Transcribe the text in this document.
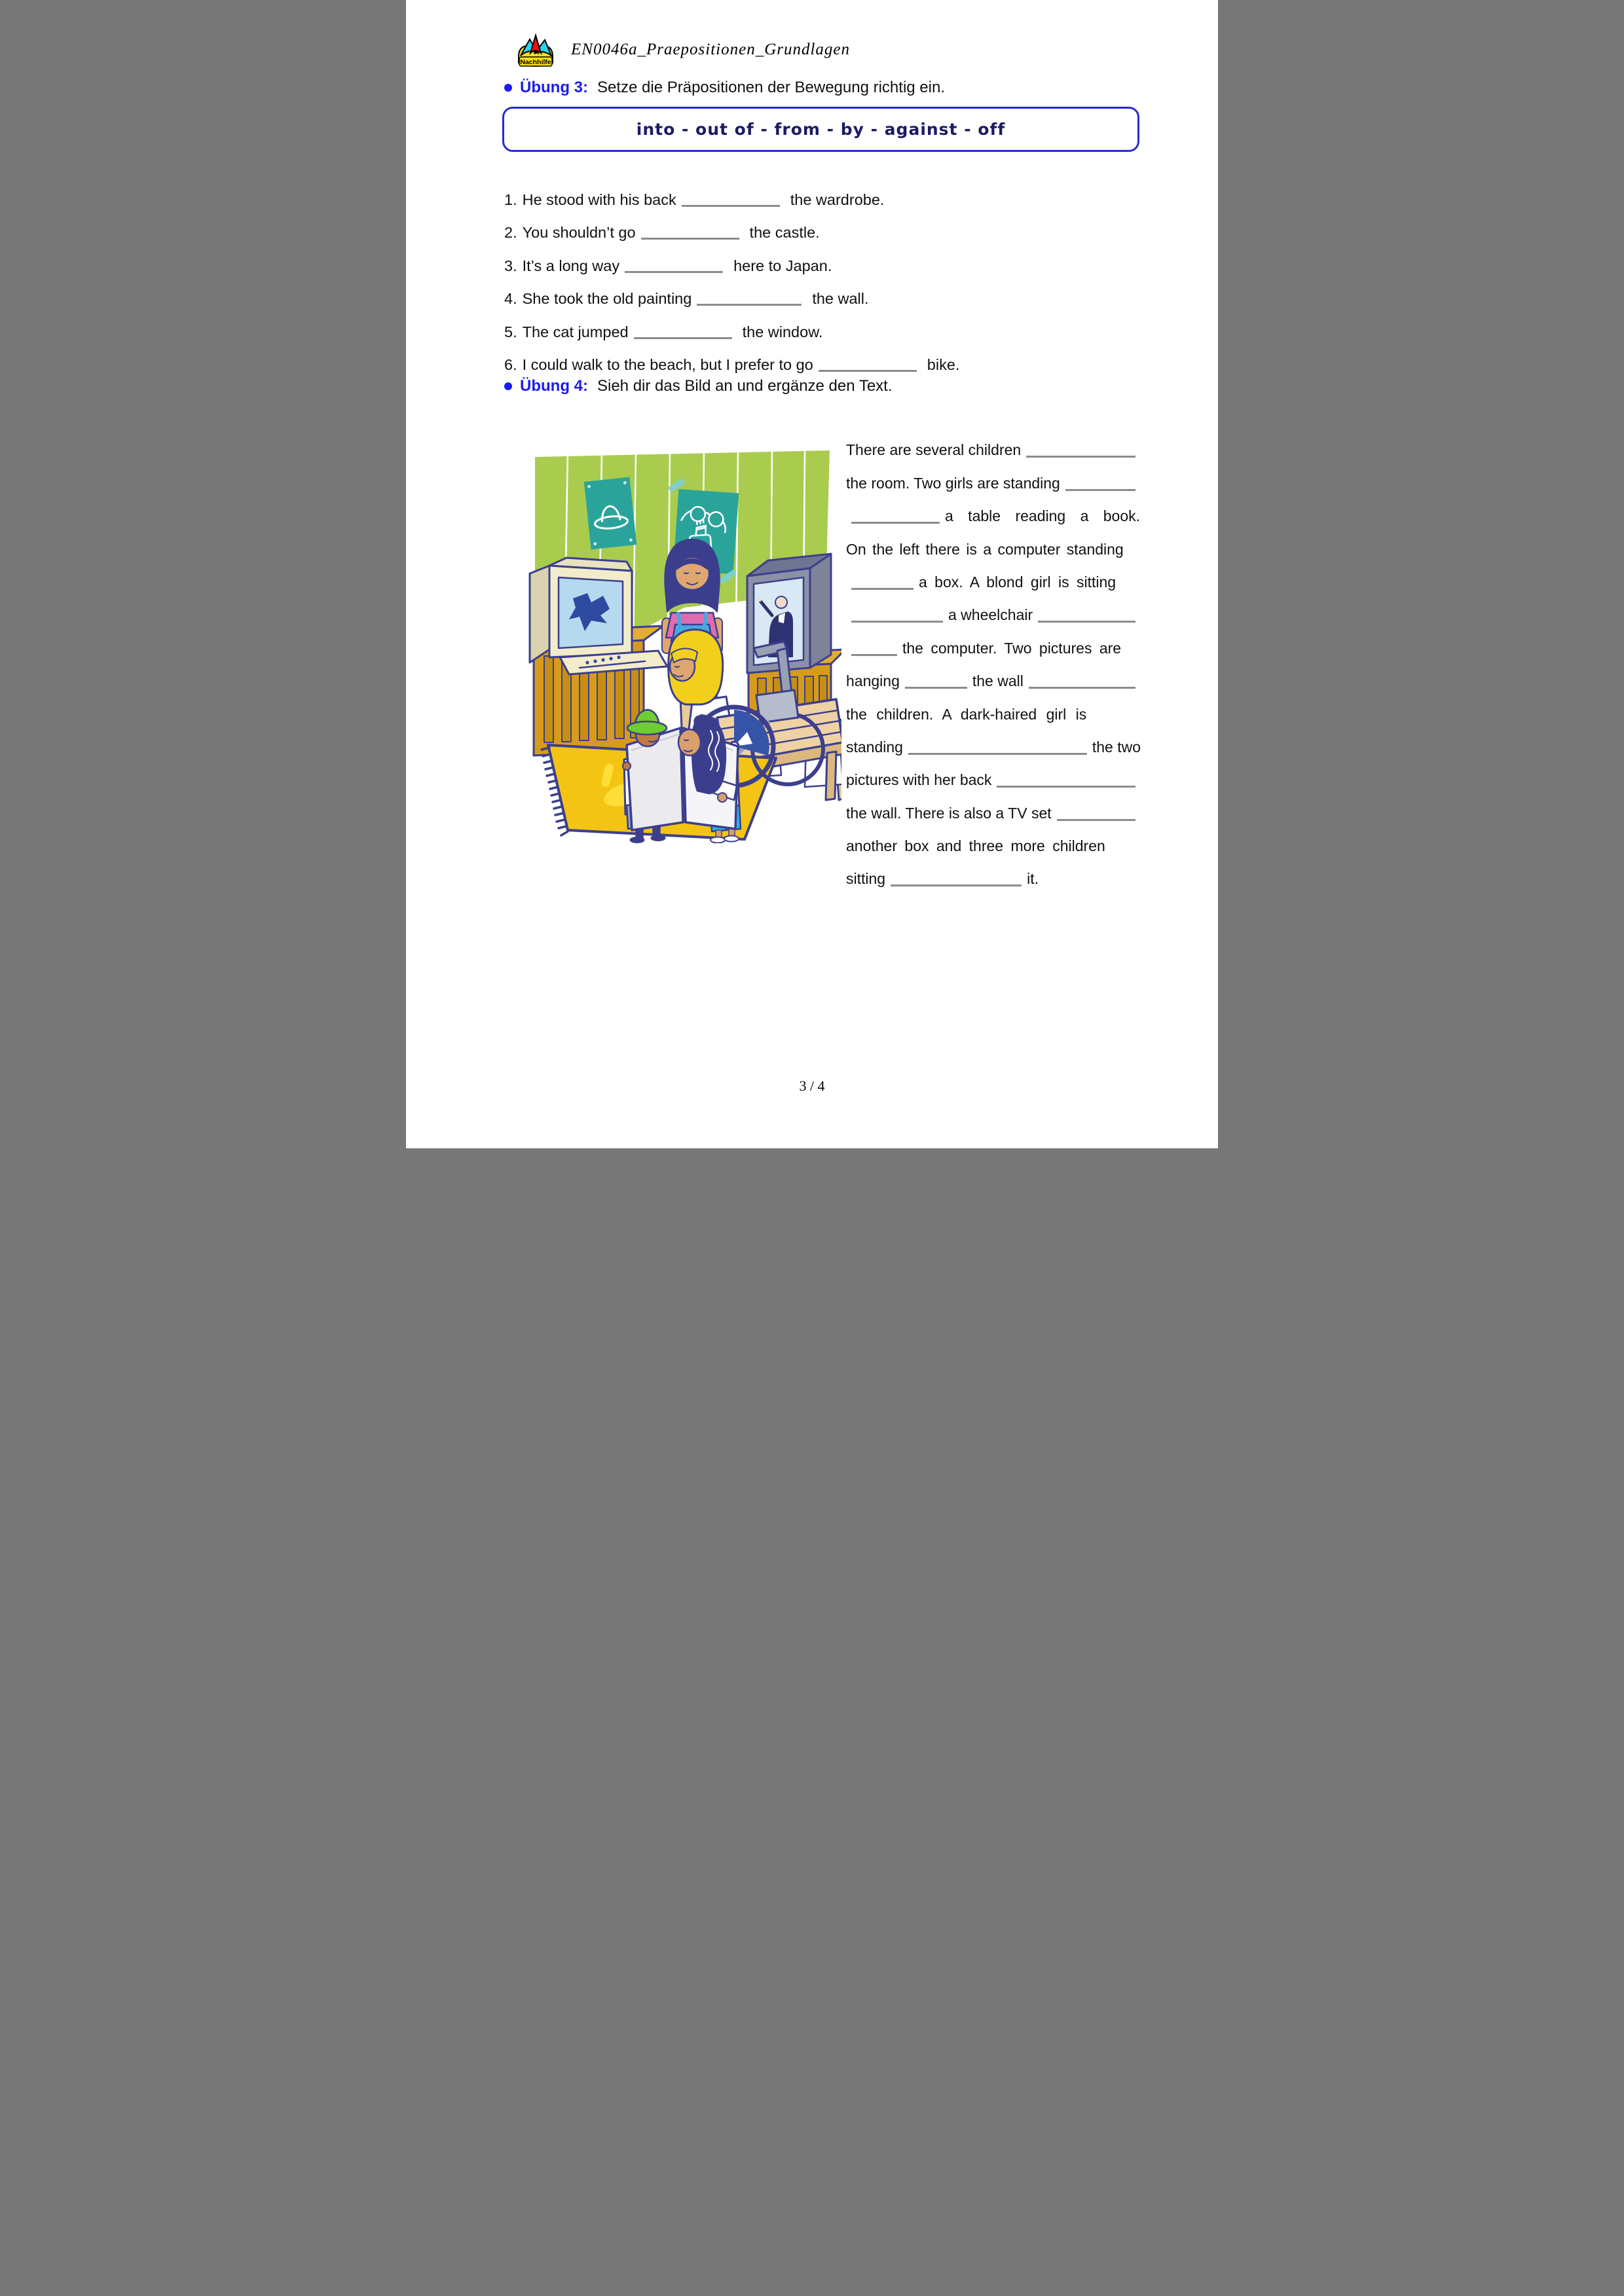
Nachhilfe
EN0046a_Praepositionen_Grundlagen
Übung 3: Setze die Präpositionen der Bewegung richtig ein.
into - out of - from - by - against - off
1. He stood with his back	the wardrobe.
2. You shouldn’t go	the castle.
3. It’s a long way	here to Japan.
4. She took the old painting	the wall.
5. The cat jumped	the window.
6. I could walk to the beach, but I prefer to go	bike.
Übung 4: Sieh dir das Bild an und ergänze den Text.
There are several children
the room. Two girls are standing
a table reading a book.
On the left there is a computer standing
a box. A blond girl is sitting
a wheelchair
the computer. Two pictures are
hanging	the wall
the children. A dark-haired girl is
standing	the two
pictures with her back
the wall. There is also a TV set
another box and three more children
sitting	it.
3 / 4
